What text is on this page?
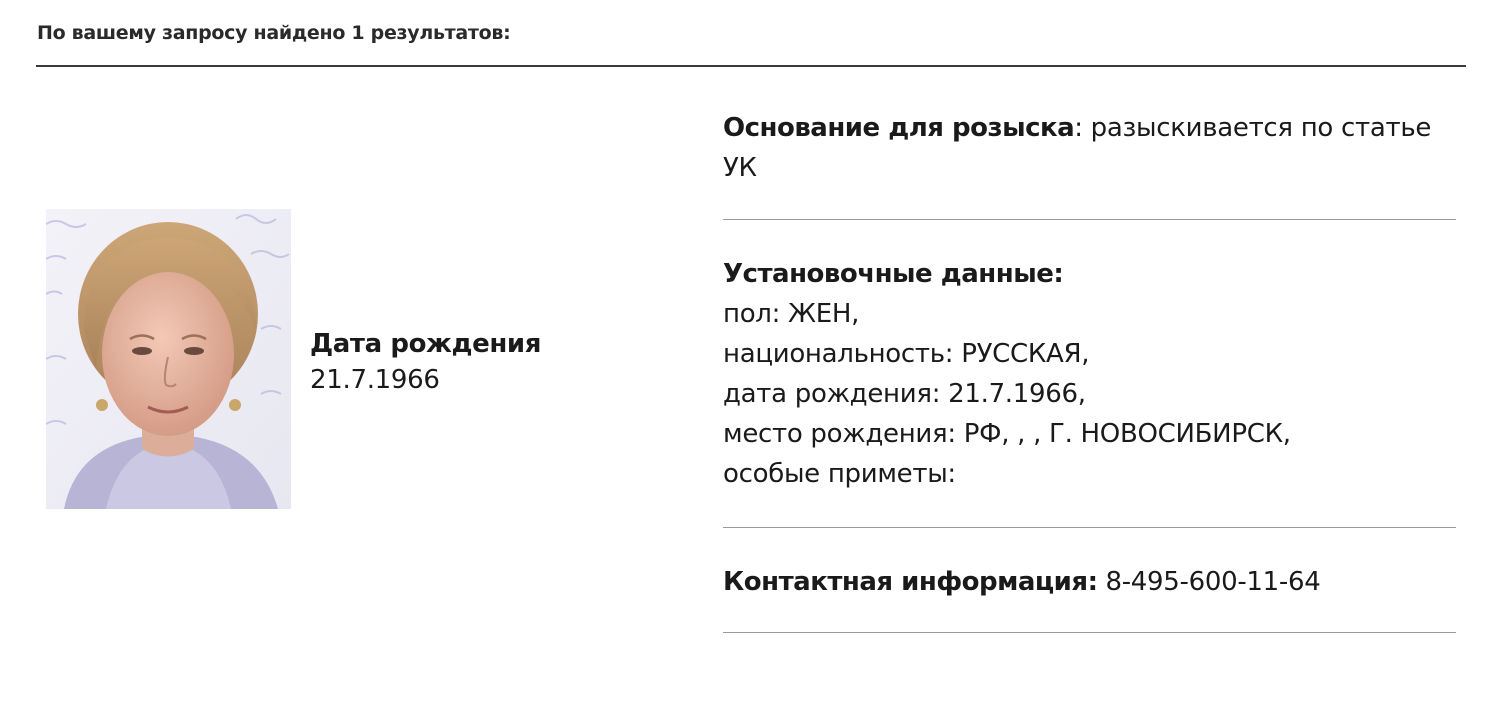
По вашему запросу найдено 1 результатов:
Дата рождения
21.7.1966
Основание для розыска: разыскивается по статье
УК
Установочные данные:
пол: ЖЕН,
национальность: РУССКАЯ,
дата рождения: 21.7.1966,
место рождения: РФ, , , Г. НОВОСИБИРСК,
особые приметы:
Контактная информация: 8-495-600-11-64
